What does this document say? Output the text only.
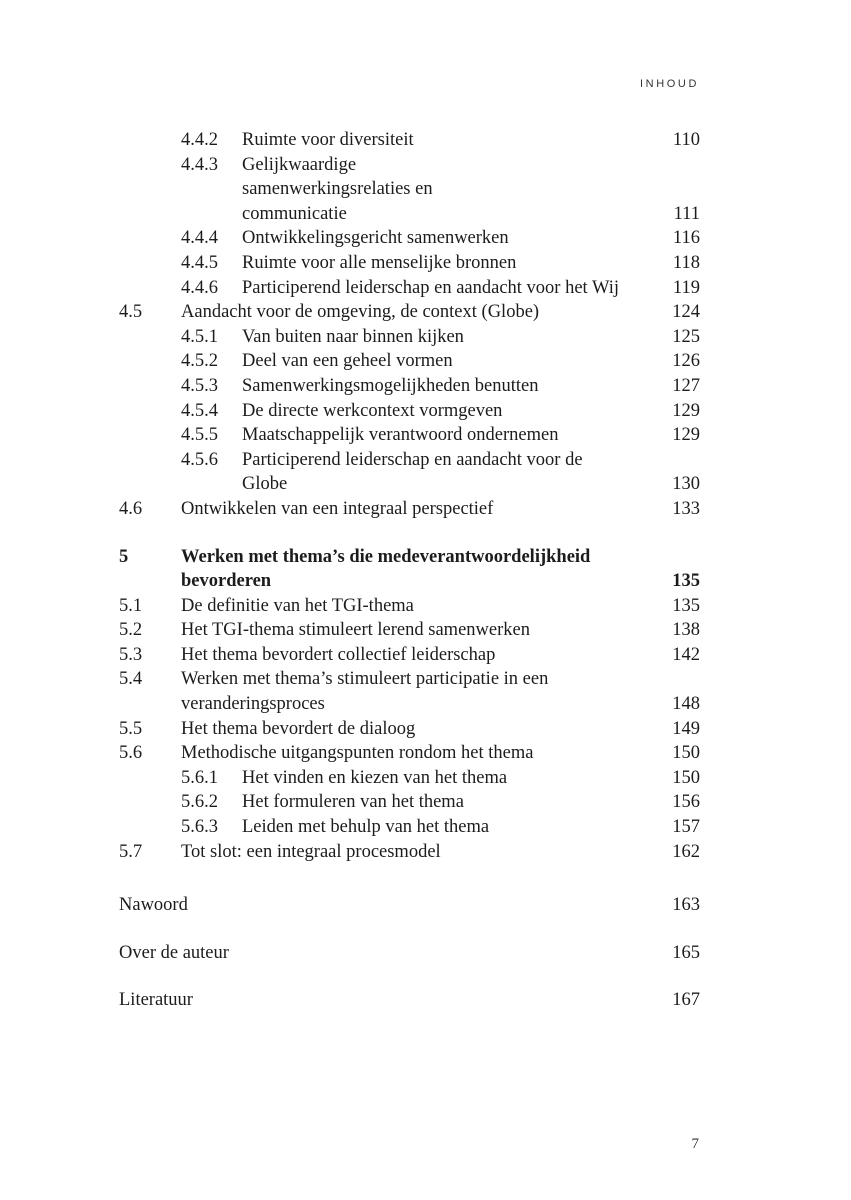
INHOUD
4.4.2 Ruimte voor diversiteit	110
4.4.3 Gelijkwaardige samenwerkingsrelaties en communicatie	111
4.4.4 Ontwikkelingsgericht samenwerken	116
4.4.5 Ruimte voor alle menselijke bronnen	118
4.4.6 Participerend leiderschap en aandacht voor het Wij	119
4.5 Aandacht voor de omgeving, de context (Globe)	124
4.5.1 Van buiten naar binnen kijken	125
4.5.2 Deel van een geheel vormen	126
4.5.3 Samenwerkingsmogelijkheden benutten	127
4.5.4 De directe werkcontext vormgeven	129
4.5.5 Maatschappelijk verantwoord ondernemen	129
4.5.6 Participerend leiderschap en aandacht voor de Globe	130
4.6 Ontwikkelen van een integraal perspectief	133
5	Werken met thema’s die medeverantwoordelijkheid bevorderen	135
5.1 De definitie van het TGI-thema	135
5.2 Het TGI-thema stimuleert lerend samenwerken	138
5.3 Het thema bevordert collectief leiderschap	142
5.4 Werken met thema’s stimuleert participatie in een veranderingsproces	148
5.5 Het thema bevordert de dialoog	149
5.6 Methodische uitgangspunten rondom het thema	150
5.6.1 Het vinden en kiezen van het thema	150
5.6.2 Het formuleren van het thema	156
5.6.3 Leiden met behulp van het thema	157
5.7 Tot slot: een integraal procesmodel	162
Nawoord	163
Over de auteur	165
Literatuur	167
7
